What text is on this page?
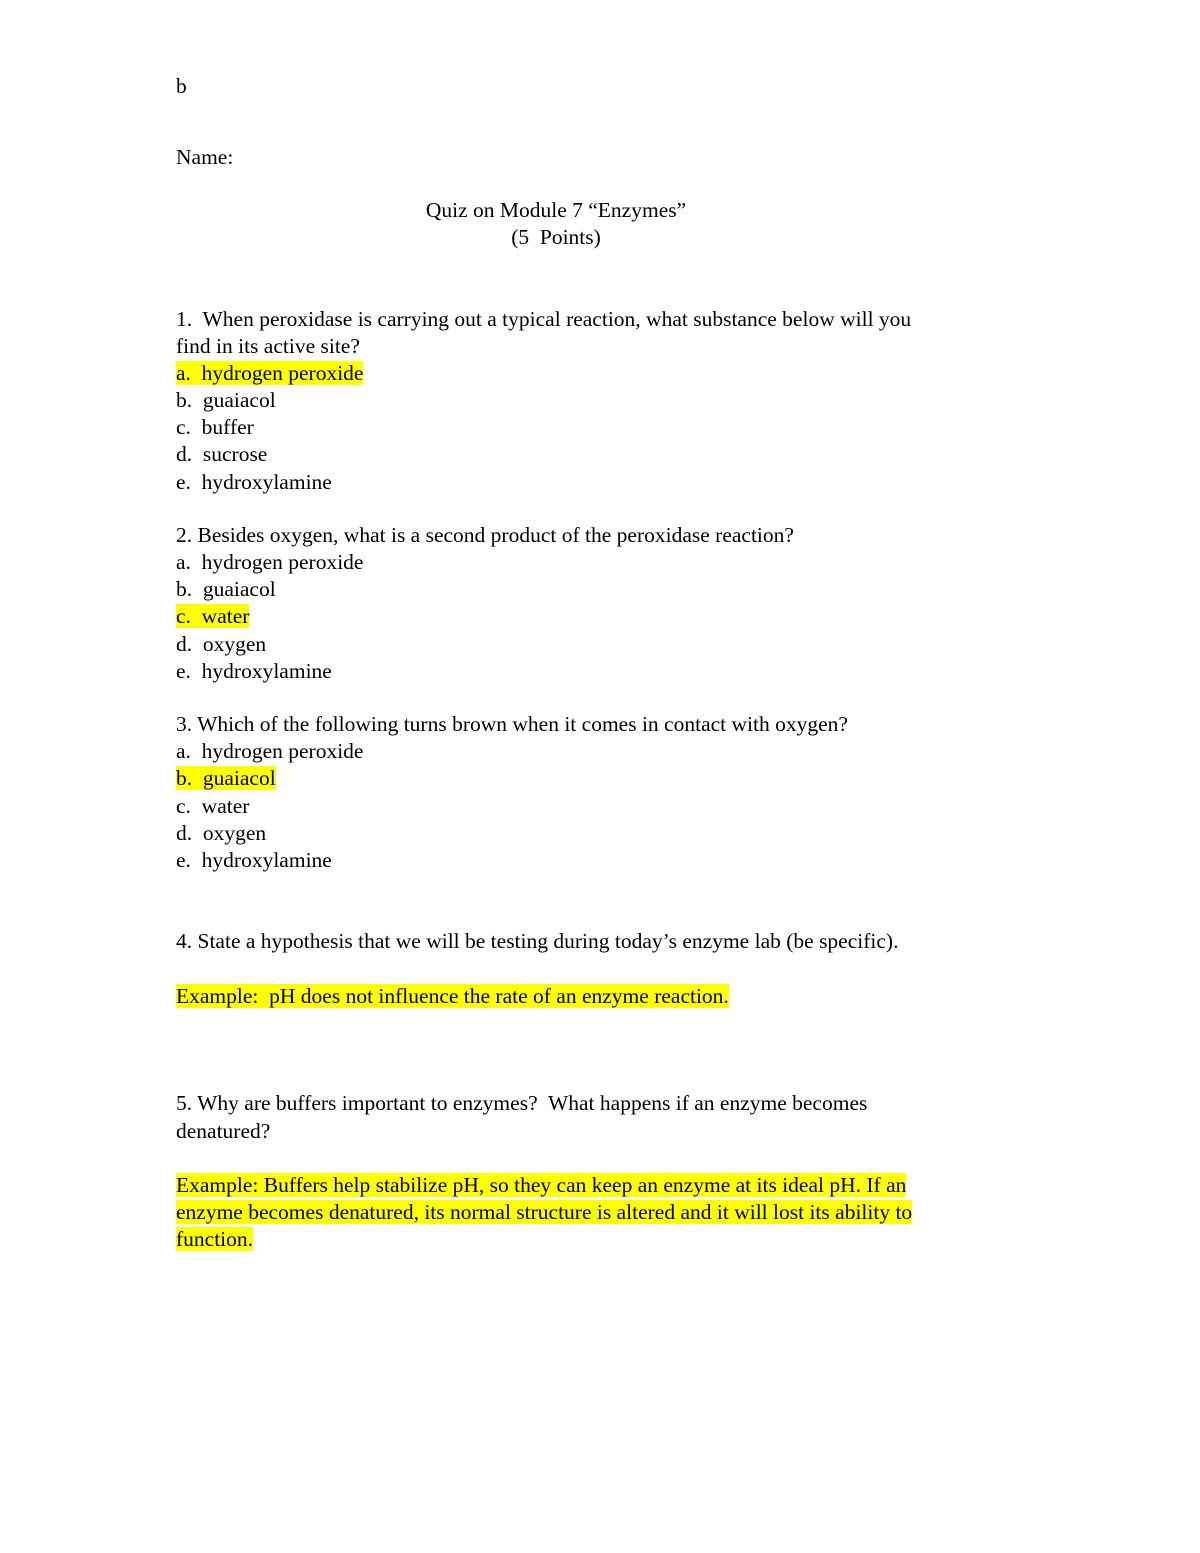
b
Name:
Quiz on Module 7 “Enzymes”
(5  Points)
1.  When peroxidase is carrying out a typical reaction, what substance below will you
find in its active site?
a.  hydrogen peroxide
b.  guaiacol
c.  buffer
d.  sucrose
e.  hydroxylamine
2. Besides oxygen, what is a second product of the peroxidase reaction?
a.  hydrogen peroxide
b.  guaiacol
c.  water
d.  oxygen
e.  hydroxylamine
3. Which of the following turns brown when it comes in contact with oxygen?
a.  hydrogen peroxide
b.  guaiacol
c.  water
d.  oxygen
e.  hydroxylamine
4. State a hypothesis that we will be testing during today’s enzyme lab (be specific).
Example:  pH does not influence the rate of an enzyme reaction.
5. Why are buffers important to enzymes?  What happens if an enzyme becomes
denatured?
Example: Buffers help stabilize pH, so they can keep an enzyme at its ideal pH. If an
enzyme becomes denatured, its normal structure is altered and it will lost its ability to
function.
